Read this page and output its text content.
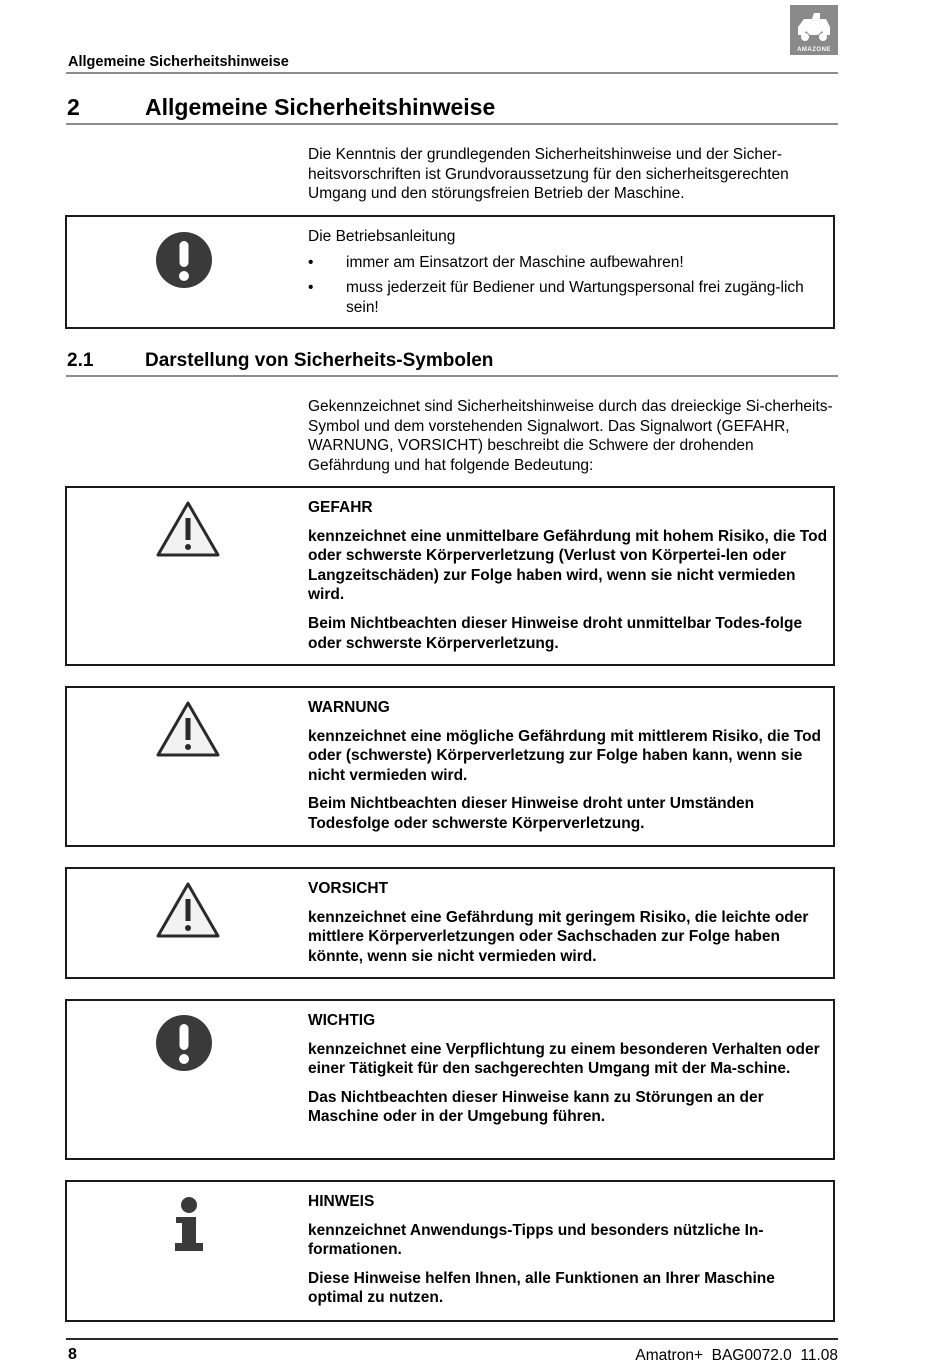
Allgemeine Sicherheitshinweise
AMAZONE
2	Allgemeine Sicherheitshinweise
Die Kenntnis der grundlegenden Sicherheitshinweise und der Sicher-heitsvorschriften ist Grundvoraussetzung für den sicherheitsgerechten Umgang und den störungsfreien Betrieb der Maschine.
Die Betriebsanleitung
• immer am Einsatzort der Maschine aufbewahren!
• muss jederzeit für Bediener und Wartungspersonal frei zugäng-lich sein!
2.1	Darstellung von Sicherheits-Symbolen
Gekennzeichnet sind Sicherheitshinweise durch das dreieckige Si-cherheits-Symbol und dem vorstehenden Signalwort. Das Signalwort (GEFAHR, WARNUNG, VORSICHT) beschreibt die Schwere der drohenden Gefährdung und hat folgende Bedeutung:
GEFAHR
kennzeichnet eine unmittelbare Gefährdung mit hohem Risiko, die Tod oder schwerste Körperverletzung (Verlust von Körpertei-len oder Langzeitschäden) zur Folge haben wird, wenn sie nicht vermieden wird.
Beim Nichtbeachten dieser Hinweise droht unmittelbar Todes-folge oder schwerste Körperverletzung.
WARNUNG
kennzeichnet eine mögliche Gefährdung mit mittlerem Risiko, die Tod oder (schwerste) Körperverletzung zur Folge haben kann, wenn sie nicht vermieden wird.
Beim Nichtbeachten dieser Hinweise droht unter Umständen Todesfolge oder schwerste Körperverletzung.
VORSICHT
kennzeichnet eine Gefährdung mit geringem Risiko, die leichte oder mittlere Körperverletzungen oder Sachschaden zur Folge haben könnte, wenn sie nicht vermieden wird.
WICHTIG
kennzeichnet eine Verpflichtung zu einem besonderen Verhalten oder einer Tätigkeit für den sachgerechten Umgang mit der Ma-schine.
Das Nichtbeachten dieser Hinweise kann zu Störungen an der Maschine oder in der Umgebung führen.
HINWEIS
kennzeichnet Anwendungs-Tipps und besonders nützliche In-formationen.
Diese Hinweise helfen Ihnen, alle Funktionen an Ihrer Maschine optimal zu nutzen.
8	Amatron+  BAG0072.0  11.08
